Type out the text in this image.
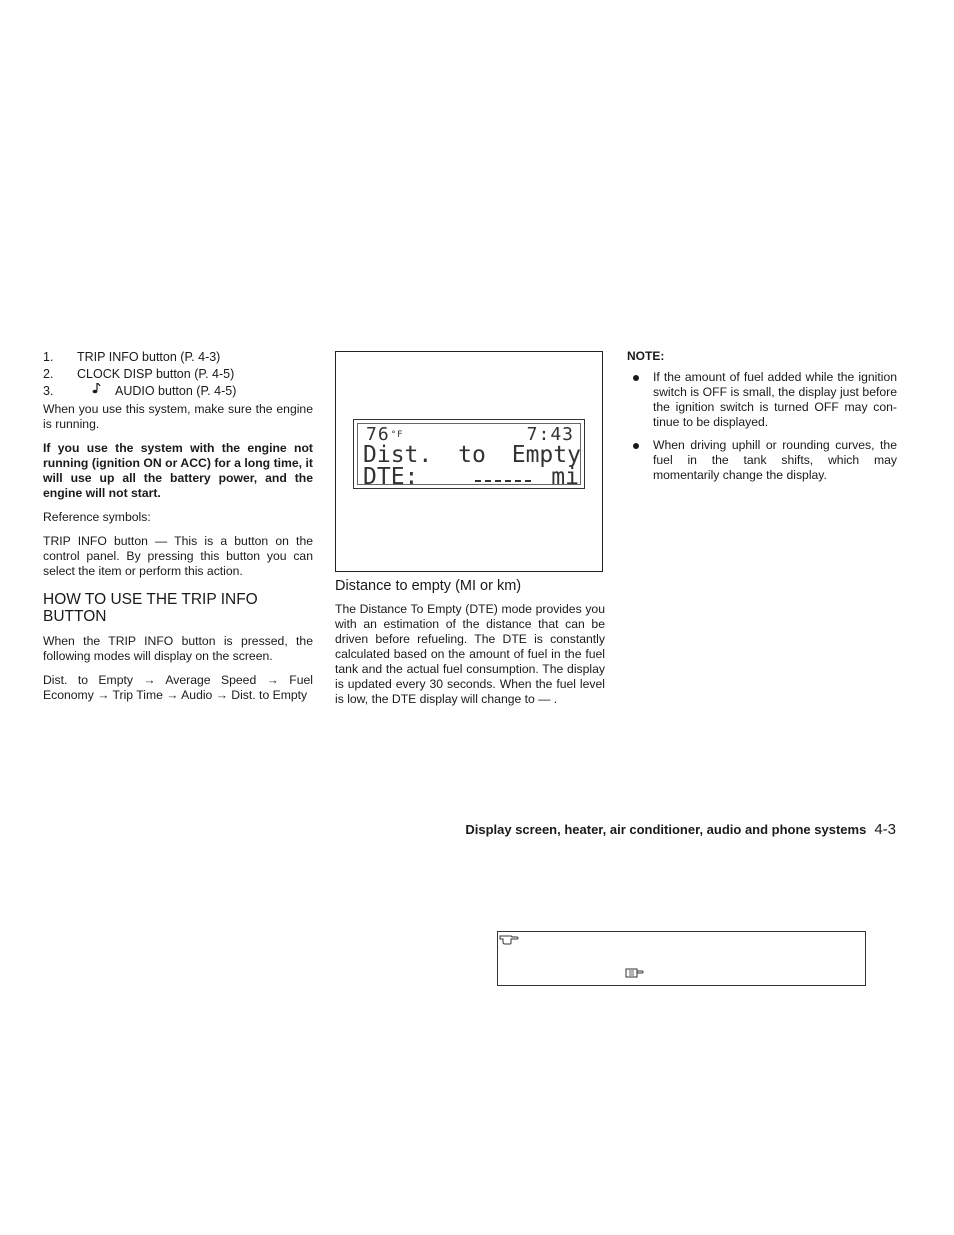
1.	TRIP INFO button (P. 4-3)
2.	CLOCK DISP button (P. 4-5)
3.	AUDIO button (P. 4-5)

When you use this system, make sure the engine is running.

If you use the system with the engine not running (ignition ON or ACC) for a long time, it will use up all the battery power, and the engine will not start.

Reference symbols:

TRIP INFO button — This is a button on the control panel. By pressing this button you can select the item or perform this action.

HOW TO USE THE TRIP INFO BUTTON

When the TRIP INFO button is pressed, the following modes will display on the screen.

Dist. to Empty → Average Speed → Fuel Economy → Trip Time → Audio → Dist. to Empty

$76^{^\circ F}$	7:43
Dist. to Empty
DTE:	mi
Distance to empty (MI or km)

The Distance To Empty (DTE) mode provides you with an estimation of the distance that can be driven before refueling. The DTE is constantly calculated based on the amount of fuel in the fuel tank and the actual fuel consumption. The display is updated every 30 seconds. When the fuel level is low, the DTE display will change to — .

NOTE:
If the amount of fuel added while the ignition switch is OFF is small, the display just before the ignition switch is turned OFF may con-tinue to be displayed.
When driving uphill or rounding curves, the fuel in the tank shifts, which may momentarily change the display.
Display screen, heater, air conditioner, audio and phone systems 4-3
